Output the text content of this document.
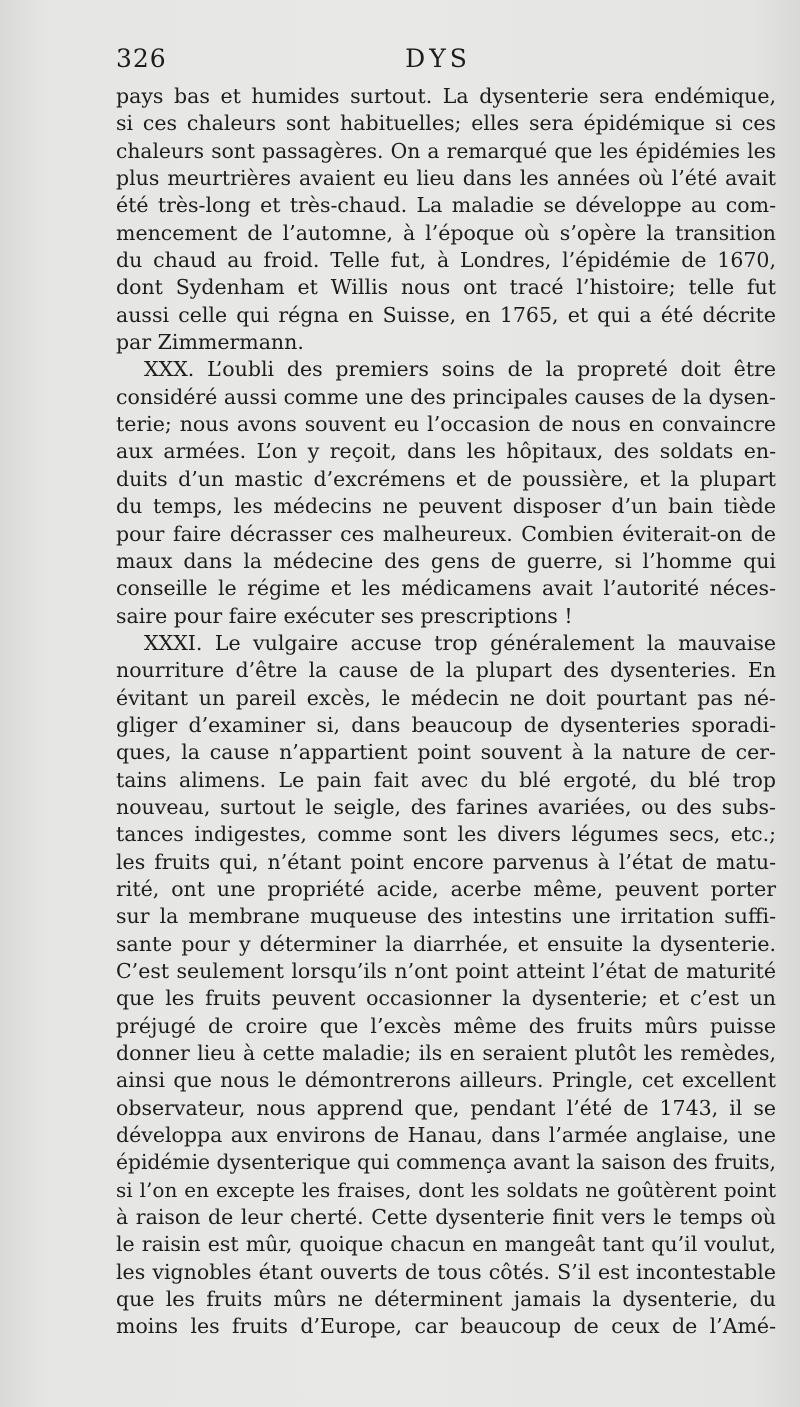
326	DYS
pays bas et humides surtout. La dysenterie sera endémique,
si ces chaleurs sont habituelles; elles sera épidémique si ces
chaleurs sont passagères. On a remarqué que les épidémies les
plus meurtrières avaient eu lieu dans les années où l’été avait
été très-long et très-chaud. La maladie se développe au com-
mencement de l’automne, à l’époque où s’opère la transition
du chaud au froid. Telle fut, à Londres, l’épidémie de 1670,
dont Sydenham et Willis nous ont tracé l’histoire; telle fut
aussi celle qui régna en Suisse, en 1765, et qui a été décrite
par Zimmermann.
XXX. L’oubli des premiers soins de la propreté doit être
considéré aussi comme une des principales causes de la dysen-
terie; nous avons souvent eu l’occasion de nous en convaincre
aux armées. L’on y reçoit, dans les hôpitaux, des soldats en-
duits d’un mastic d’excrémens et de poussière, et la plupart
du temps, les médecins ne peuvent disposer d’un bain tiède
pour faire décrasser ces malheureux. Combien éviterait-on de
maux dans la médecine des gens de guerre, si l’homme qui
conseille le régime et les médicamens avait l’autorité néces-
saire pour faire exécuter ses prescriptions !
XXXI. Le vulgaire accuse trop généralement la mauvaise
nourriture d’être la cause de la plupart des dysenteries. En
évitant un pareil excès, le médecin ne doit pourtant pas né-
gliger d’examiner si, dans beaucoup de dysenteries sporadi-
ques, la cause n’appartient point souvent à la nature de cer-
tains alimens. Le pain fait avec du blé ergoté, du blé trop
nouveau, surtout le seigle, des farines avariées, ou des subs-
tances indigestes, comme sont les divers légumes secs, etc.;
les fruits qui, n’étant point encore parvenus à l’état de matu-
rité, ont une propriété acide, acerbe même, peuvent porter
sur la membrane muqueuse des intestins une irritation suffi-
sante pour y déterminer la diarrhée, et ensuite la dysenterie.
C’est seulement lorsqu’ils n’ont point atteint l’état de maturité
que les fruits peuvent occasionner la dysenterie; et c’est un
préjugé de croire que l’excès même des fruits mûrs puisse
donner lieu à cette maladie; ils en seraient plutôt les remèdes,
ainsi que nous le démontrerons ailleurs. Pringle, cet excellent
observateur, nous apprend que, pendant l’été de 1743, il se
développa aux environs de Hanau, dans l’armée anglaise, une
épidémie dysenterique qui commença avant la saison des fruits,
si l’on en excepte les fraises, dont les soldats ne goûtèrent point
à raison de leur cherté. Cette dysenterie finit vers le temps où
le raisin est mûr, quoique chacun en mangeât tant qu’il voulut,
les vignobles étant ouverts de tous côtés. S’il est incontestable
que les fruits mûrs ne déterminent jamais la dysenterie, du
moins les fruits d’Europe, car beaucoup de ceux de l’Amé-
